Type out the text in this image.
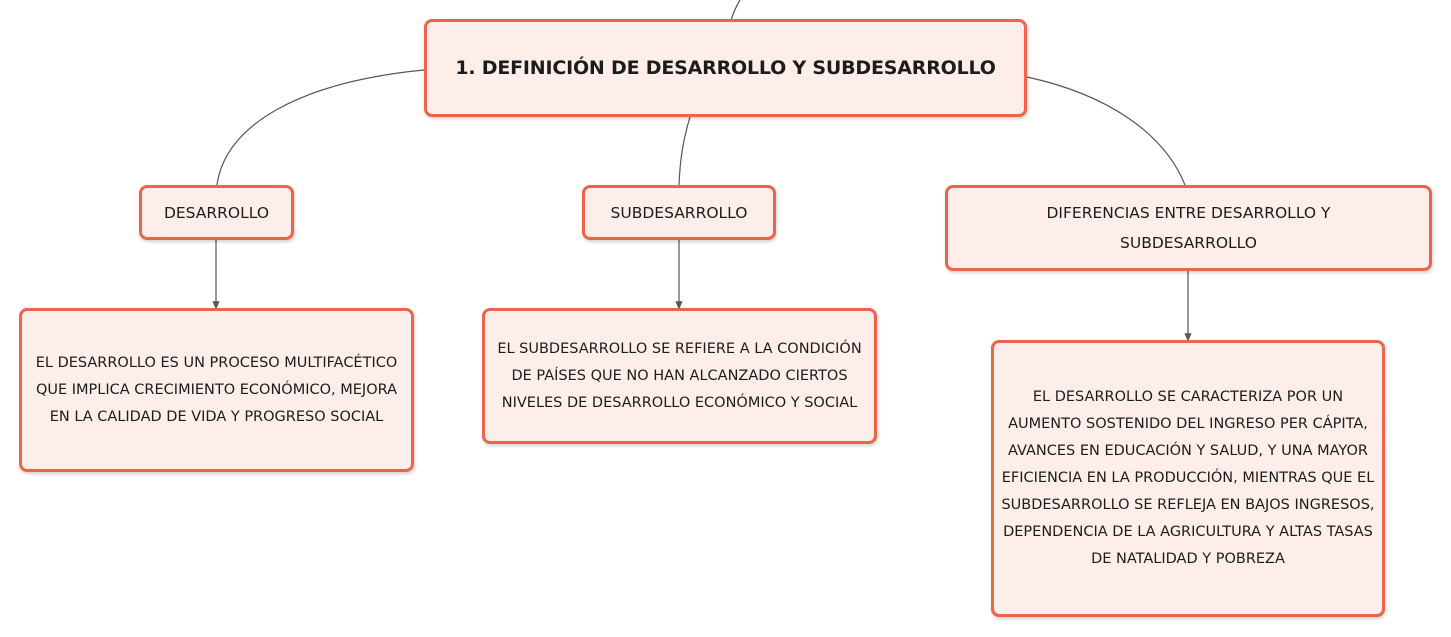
1. DEFINICIÓN DE DESARROLLO Y SUBDESARROLLO
DESARROLLO	SUBDESARROLLO	DIFERENCIAS ENTRE DESARROLLO Y SUBDESARROLLO
EL DESARROLLO ES UN PROCESO MULTIFACÉTICO QUE IMPLICA CRECIMIENTO ECONÓMICO, MEJORA EN LA CALIDAD DE VIDA Y PROGRESO SOCIAL
EL SUBDESARROLLO SE REFIERE A LA CONDICIÓN DE PAÍSES QUE NO HAN ALCANZADO CIERTOS NIVELES DE DESARROLLO ECONÓMICO Y SOCIAL	EL DESARROLLO SE CARACTERIZA POR UN AUMENTO SOSTENIDO DEL INGRESO PER CÁPITA, AVANCES EN EDUCACIÓN Y SALUD, Y UNA MAYOR EFICIENCIA EN LA PRODUCCIÓN, MIENTRAS QUE EL SUBDESARROLLO SE REFLEJA EN BAJOS INGRESOS, DEPENDENCIA DE LA AGRICULTURA Y ALTAS TASAS DE NATALIDAD Y POBREZA
